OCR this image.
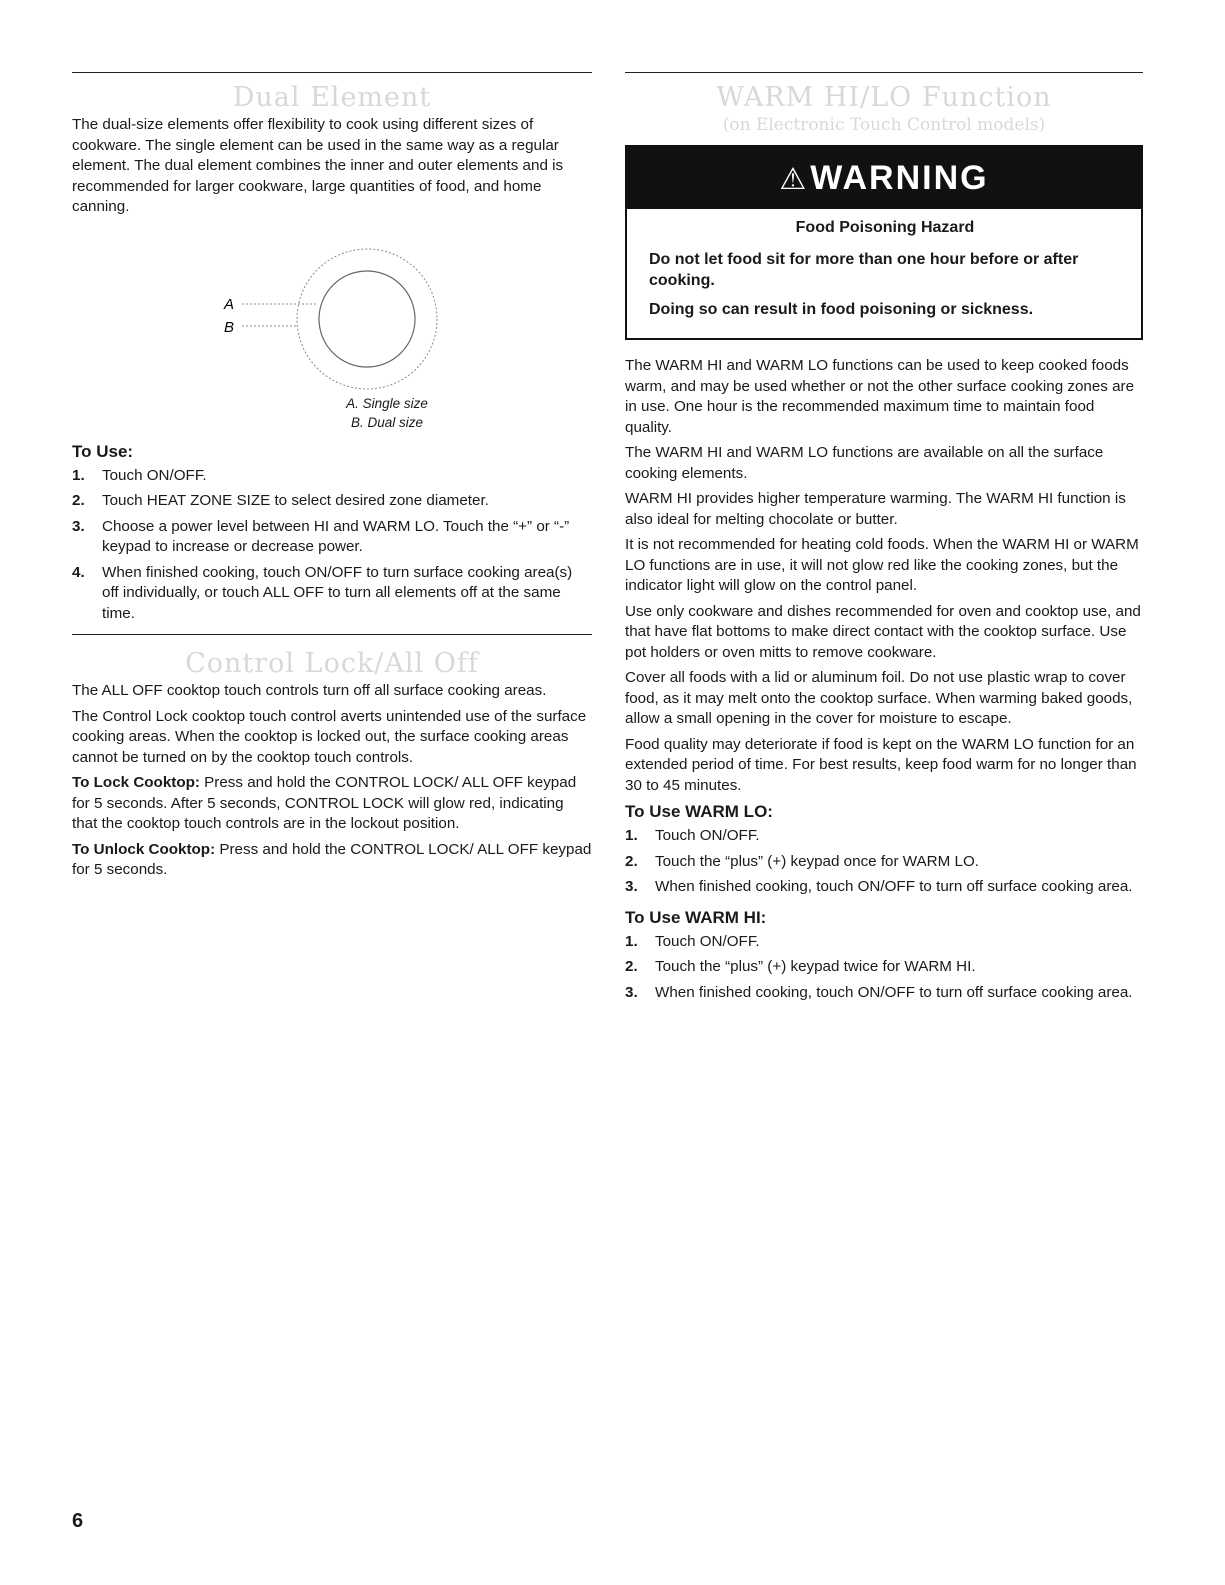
Dual Element

The dual-size elements offer flexibility to cook using different sizes of cookware. The single element can be used in the same way as a regular element. The dual element combines the inner and outer elements and is recommended for larger cookware, large quantities of food, and home canning.

A
B
A. Single size
B. Dual size
To Use:
1.	Touch ON/OFF.
2.	Touch HEAT ZONE SIZE to select desired zone diameter.
3.	Choose a power level between HI and WARM LO. Touch the “+” or “-” keypad to increase or decrease power.
4.	When finished cooking, touch ON/OFF to turn surface cooking area(s) off individually, or touch ALL OFF to turn all elements off at the same time.
Control Lock/All Off

The ALL OFF cooktop touch controls turn off all surface cooking areas.

The Control Lock cooktop touch control averts unintended use of the surface cooking areas. When the cooktop is locked out, the surface cooking areas cannot be turned on by the cooktop touch controls.

To Lock Cooktop: Press and hold the CONTROL LOCK/ ALL OFF keypad for 5 seconds. After 5 seconds, CONTROL LOCK will glow red, indicating that the cooktop touch controls are in the lockout position.

To Unlock Cooktop: Press and hold the CONTROL LOCK/ ALL OFF keypad for 5 seconds.

WARM HI/LO Function
(on Electronic Touch Control models)
⚠WARNING
Food Poisoning Hazard
Do not let food sit for more than one hour before or after cooking.
Doing so can result in food poisoning or sickness.

The WARM HI and WARM LO functions can be used to keep cooked foods warm, and may be used whether or not the other surface cooking zones are in use. One hour is the recommended maximum time to maintain food quality.

The WARM HI and WARM LO functions are available on all the surface cooking elements.

WARM HI provides higher temperature warming. The WARM HI function is also ideal for melting chocolate or butter.

It is not recommended for heating cold foods. When the WARM HI or WARM LO functions are in use, it will not glow red like the cooking zones, but the indicator light will glow on the control panel.

Use only cookware and dishes recommended for oven and cooktop use, and that have flat bottoms to make direct contact with the cooktop surface. Use pot holders or oven mitts to remove cookware.

Cover all foods with a lid or aluminum foil. Do not use plastic wrap to cover food, as it may melt onto the cooktop surface. When warming baked goods, allow a small opening in the cover for moisture to escape.

Food quality may deteriorate if food is kept on the WARM LO function for an extended period of time. For best results, keep food warm for no longer than 30 to 45 minutes.

To Use WARM LO:
1.	Touch ON/OFF.
2.	Touch the “plus” (+) keypad once for WARM LO.
3.	When finished cooking, touch ON/OFF to turn off surface cooking area.
To Use WARM HI:
1.	Touch ON/OFF.
2.	Touch the “plus” (+) keypad twice for WARM HI.
3.	When finished cooking, touch ON/OFF to turn off surface cooking area.
6
